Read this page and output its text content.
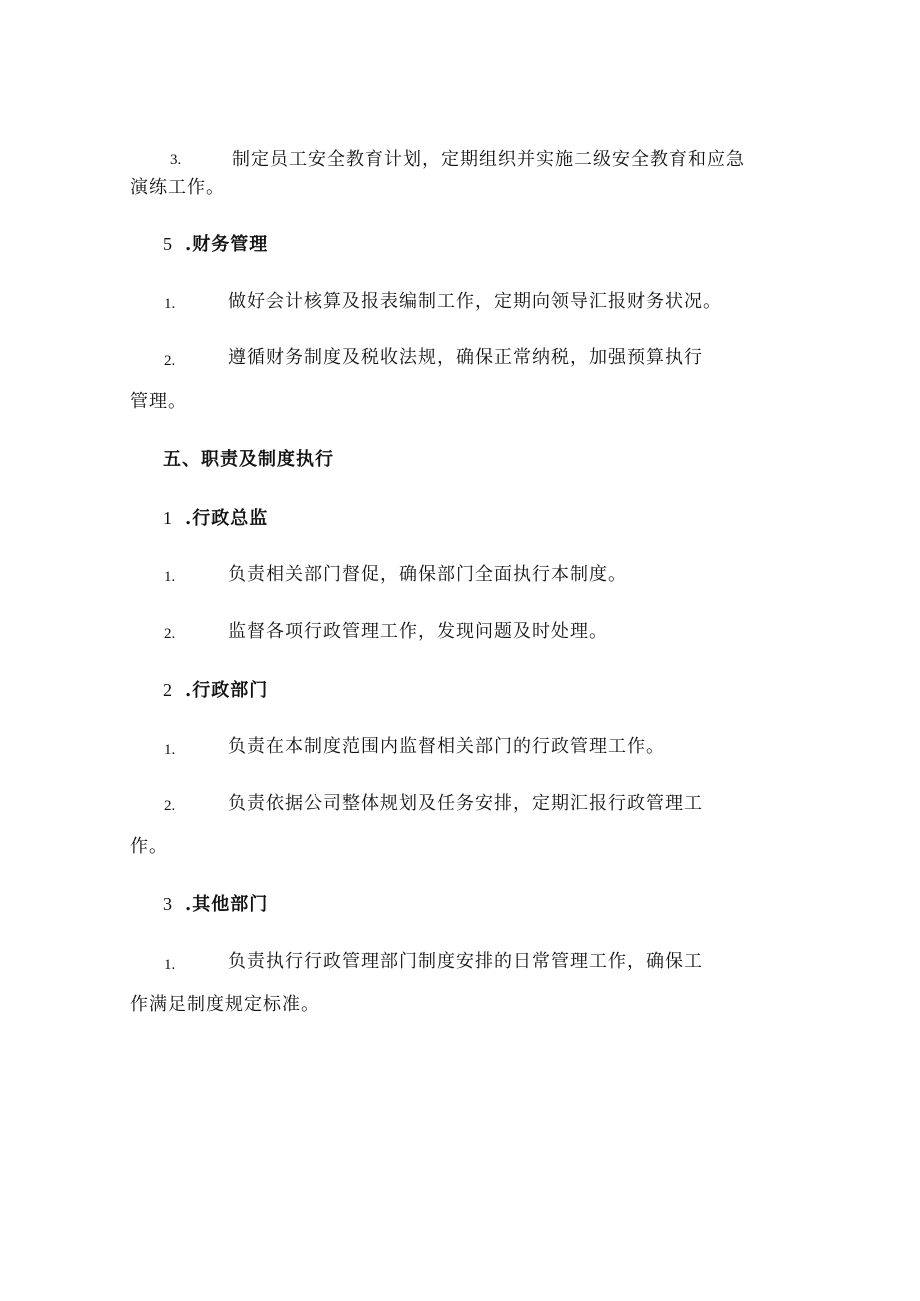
3.	制定员工安全教育计划，定期组织并实施二级安全教育和应急
演练工作。
5 .财务管理
1.	做好会计核算及报表编制工作，定期向领导汇报财务状况。
2.	遵循财务制度及税收法规，确保正常纳税，加强预算执行
管理。
五、职责及制度执行
1 .行政总监
1.	负责相关部门督促，确保部门全面执行本制度。
2.	监督各项行政管理工作，发现问题及时处理。
2 .行政部门
1.	负责在本制度范围内监督相关部门的行政管理工作。
2.	负责依据公司整体规划及任务安排，定期汇报行政管理工
作。
3 .其他部门
1.	负责执行行政管理部门制度安排的日常管理工作，确保工
作满足制度规定标准。
